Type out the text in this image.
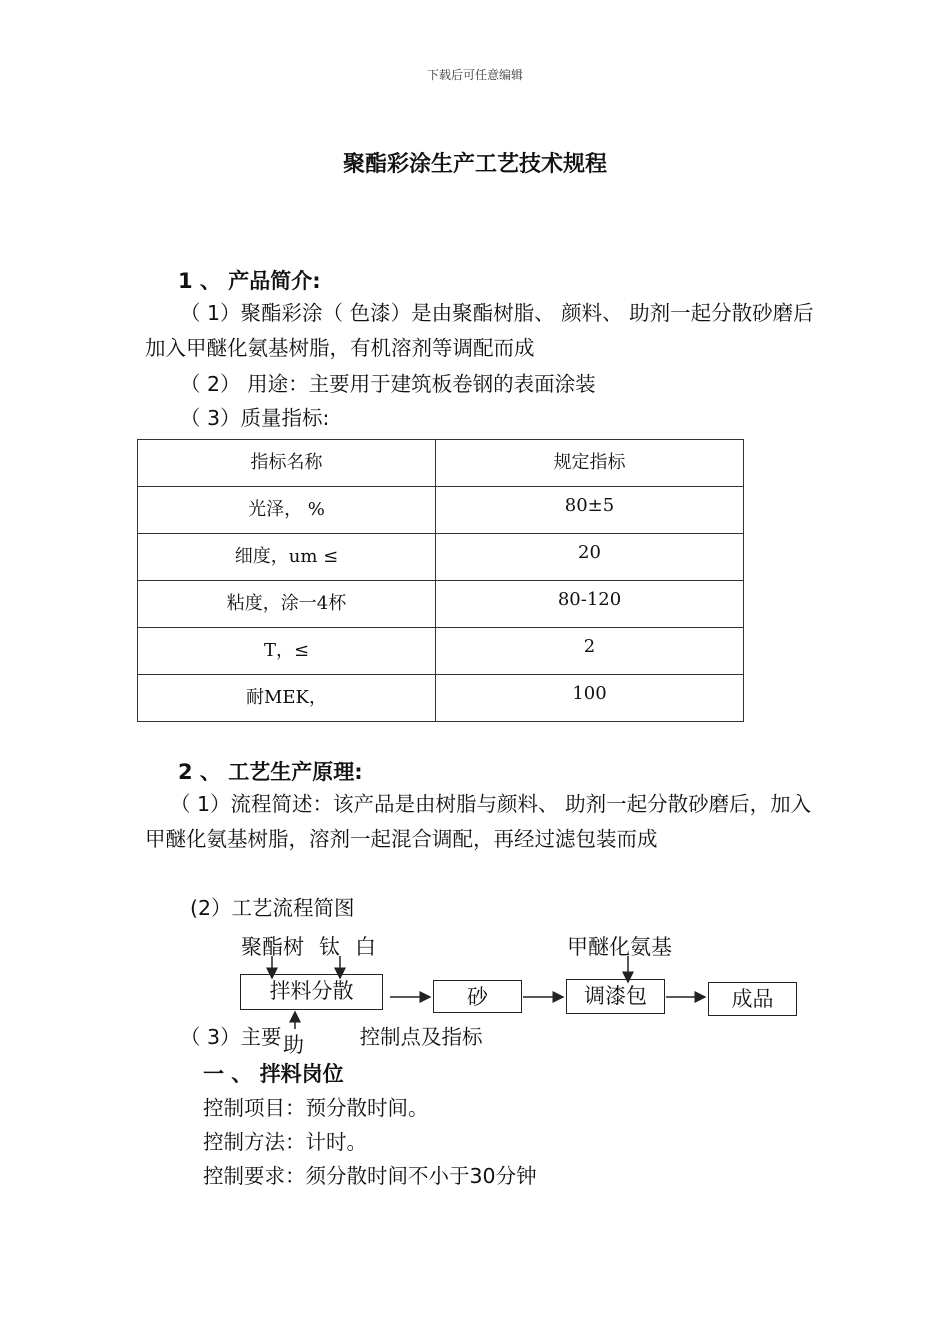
下载后可任意编辑
聚酯彩涂生产工艺技术规程
1 、 产品简介:
（ 1）聚酯彩涂（ 色漆）是由聚酯树脂、 颜料、 助剂一起分散砂磨后加入甲醚化氨基树脂，有机溶剂等调配而成
（ 2） 用途：主要用于建筑板卷钢的表面涂装
（ 3）质量指标:
指标名称	规定指标
光泽， %	80±5
细度，um ≤	20
粘度，涂一4杯	80-120
T，≤	2
耐MEK，	100
2 、 工艺生产原理:
（ 1）流程简述：该产品是由树脂与颜料、 助剂一起分散砂磨后，加入甲醚化氨基树脂，溶剂一起混合调配，再经过滤包装而成
(2）工艺流程简图
聚酯树 钛 白	甲醚化氨基
拌料分散	砂	调漆包	成品
（ 3）主要	控制点及指标
助
一 、 拌料岗位
控制项目：预分散时间。
控制方法：计时。
控制要求：须分散时间不小于30分钟
